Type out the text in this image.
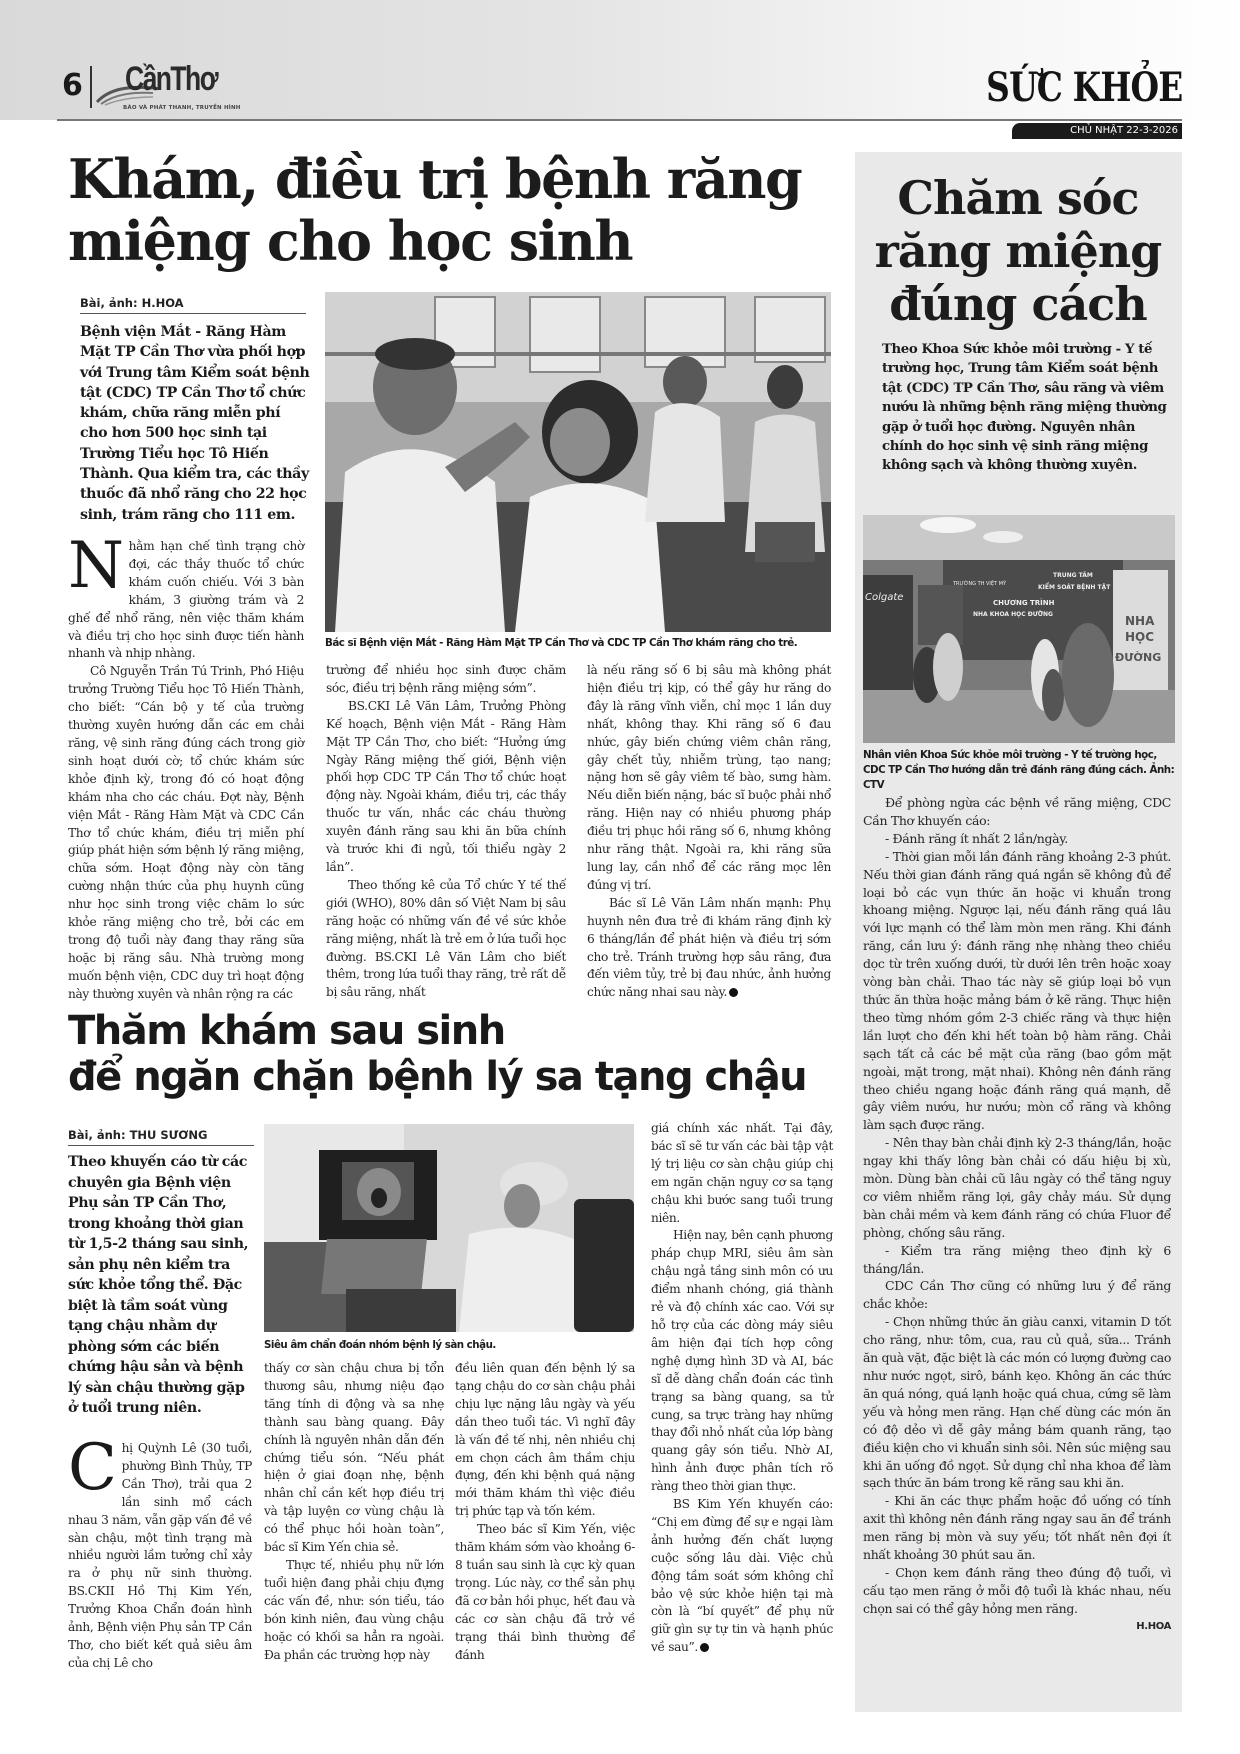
6 CầnThơ
BÁO VÀ PHÁT THANH, TRUYỀN HÌNH	SỨC KHỎE
CHỦ NHẬT 22-3-2026
Khám, điều trị bệnh răng miệng cho học sinh
Bài, ảnh: H.HOA
Bệnh viện Mắt - Răng Hàm Mặt TP Cần Thơ vừa phối hợp với Trung tâm Kiểm soát bệnh tật (CDC) TP Cần Thơ tổ chức khám, chữa răng miễn phí cho hơn 500 học sinh tại Trường Tiểu học Tô Hiến Thành. Qua kiểm tra, các thầy thuốc đã nhổ răng cho 22 học sinh, trám răng cho 111 em.
Bác sĩ Bệnh viện Mắt - Răng Hàm Mặt TP Cần Thơ và CDC TP Cần Thơ khám răng cho trẻ.

Nhằm hạn chế tình trạng chờ đợi, các thầy thuốc tổ chức khám cuốn chiếu. Với 3 bàn khám, 3 giường trám và 2 ghế để nhổ răng, nên việc thăm khám và điều trị cho học sinh được tiến hành nhanh và nhịp nhàng.

Cô Nguyễn Trần Tú Trinh, Phó Hiệu trưởng Trường Tiểu học Tô Hiến Thành, cho biết: “Cán bộ y tế của trường thường xuyên hướng dẫn các em chải răng, vệ sinh răng đúng cách trong giờ sinh hoạt dưới cờ; tổ chức khám sức khỏe định kỳ, trong đó có hoạt động khám nha cho các cháu. Đợt này, Bệnh viện Mắt - Răng Hàm Mặt và CDC Cần Thơ tổ chức khám, điều trị miễn phí giúp phát hiện sớm bệnh lý răng miệng, chữa sớm. Hoạt động này còn tăng cường nhận thức của phụ huynh cũng như học sinh trong việc chăm lo sức khỏe răng miệng cho trẻ, bởi các em trong độ tuổi này đang thay răng sữa hoặc bị răng sâu. Nhà trường mong muốn bệnh viện, CDC duy trì hoạt động này thường xuyên và nhân rộng ra các

trường để nhiều học sinh được chăm sóc, điều trị bệnh răng miệng sớm”.

BS.CKI Lê Văn Lâm, Trưởng Phòng Kế hoạch, Bệnh viện Mắt - Răng Hàm Mặt TP Cần Thơ, cho biết: “Hưởng ứng Ngày Răng miệng thế giới, Bệnh viện phối hợp CDC TP Cần Thơ tổ chức hoạt động này. Ngoài khám, điều trị, các thầy thuốc tư vấn, nhắc các cháu thường xuyên đánh răng sau khi ăn bữa chính và trước khi đi ngủ, tối thiểu ngày 2 lần”.

Theo thống kê của Tổ chức Y tế thế giới (WHO), 80% dân số Việt Nam bị sâu răng hoặc có những vấn đề về sức khỏe răng miệng, nhất là trẻ em ở lứa tuổi học đường. BS.CKI Lê Văn Lâm cho biết thêm, trong lứa tuổi thay răng, trẻ rất dễ bị sâu răng, nhất

là nếu răng số 6 bị sâu mà không phát hiện điều trị kịp, có thể gây hư răng do đây là răng vĩnh viễn, chỉ mọc 1 lần duy nhất, không thay. Khi răng số 6 đau nhức, gây biến chứng viêm chân răng, gây chết tủy, nhiễm trùng, tạo nang; nặng hơn sẽ gây viêm tế bào, sưng hàm. Nếu diễn biến nặng, bác sĩ buộc phải nhổ răng. Hiện nay có nhiều phương pháp điều trị phục hồi răng số 6, nhưng không như răng thật. Ngoài ra, khi răng sữa lung lay, cần nhổ để các răng mọc lên đúng vị trí.

Bác sĩ Lê Văn Lâm nhấn mạnh: Phụ huynh nên đưa trẻ đi khám răng định kỳ 6 tháng/lần để phát hiện và điều trị sớm cho trẻ. Tránh trường hợp sâu răng, đưa đến viêm tủy, trẻ bị đau nhức, ảnh hưởng chức năng nhai sau này.

Chăm sóc răng miệng đúng cách
Theo Khoa Sức khỏe môi trường - Y tế trường học, Trung tâm Kiểm soát bệnh tật (CDC) TP Cần Thơ, sâu răng và viêm nướu là những bệnh răng miệng thường gặp ở tuổi học đường. Nguyên nhân chính do học sinh vệ sinh răng miệng không sạch và không thường xuyên.
Colgate
TRƯỜNG TH VIỆT MỸ
TRUNG TÂM
KIỂM SOÁT BỆNH TẬT
CHƯƠNG TRÌNH
NHA KHOA HỌC ĐƯỜNG	NHA
HỌC
ĐƯỜNG
Nhân viên Khoa Sức khỏe môi trường - Y tế trường học, CDC TP Cần Thơ hướng dẫn trẻ đánh răng đúng cách. Ảnh: CTV

Để phòng ngừa các bệnh về răng miệng, CDC Cần Thơ khuyến cáo:

- Đánh răng ít nhất 2 lần/ngày.

- Thời gian mỗi lần đánh răng khoảng 2-3 phút. Nếu thời gian đánh răng quá ngắn sẽ không đủ để loại bỏ các vụn thức ăn hoặc vi khuẩn trong khoang miệng. Ngược lại, nếu đánh răng quá lâu với lực mạnh có thể làm mòn men răng. Khi đánh răng, cần lưu ý: đánh răng nhẹ nhàng theo chiều dọc từ trên xuống dưới, từ dưới lên trên hoặc xoay vòng bàn chải. Thao tác này sẽ giúp loại bỏ vụn thức ăn thừa hoặc mảng bám ở kẽ răng. Thực hiện theo từng nhóm gồm 2-3 chiếc răng và thực hiện lần lượt cho đến khi hết toàn bộ hàm răng. Chải sạch tất cả các bề mặt của răng (bao gồm mặt ngoài, mặt trong, mặt nhai). Không nên đánh răng theo chiều ngang hoặc đánh răng quá mạnh, dễ gây viêm nướu, hư nướu; mòn cổ răng và không làm sạch được răng.

- Nên thay bàn chải định kỳ 2-3 tháng/lần, hoặc ngay khi thấy lông bàn chải có dấu hiệu bị xù, mòn. Dùng bàn chải cũ lâu ngày có thể tăng nguy cơ viêm nhiễm răng lợi, gây chảy máu. Sử dụng bàn chải mềm và kem đánh răng có chứa Fluor để phòng, chống sâu răng.

- Kiểm tra răng miệng theo định kỳ 6 tháng/lần.

CDC Cần Thơ cũng có những lưu ý để răng chắc khỏe:

- Chọn những thức ăn giàu canxi, vitamin D tốt cho răng, như: tôm, cua, rau củ quả, sữa... Tránh ăn quà vặt, đặc biệt là các món có lượng đường cao như nước ngọt, sirô, bánh kẹo. Không ăn các thức ăn quá nóng, quá lạnh hoặc quá chua, cứng sẽ làm yếu và hỏng men răng. Hạn chế dùng các món ăn có độ dẻo vì dễ gây mảng bám quanh răng, tạo điều kiện cho vi khuẩn sinh sôi. Nên súc miệng sau khi ăn uống đồ ngọt. Sử dụng chỉ nha khoa để làm sạch thức ăn bám trong kẽ răng sau khi ăn.

- Khi ăn các thực phẩm hoặc đồ uống có tính axit thì không nên đánh răng ngay sau ăn để tránh men răng bị mòn và suy yếu; tốt nhất nên đợi ít nhất khoảng 30 phút sau ăn.

- Chọn kem đánh răng theo đúng độ tuổi, vì cấu tạo men răng ở mỗi độ tuổi là khác nhau, nếu chọn sai có thể gây hỏng men răng.

H.HOA
Thăm khám sau sinh
để ngăn chặn bệnh lý sa tạng chậu
Bài, ảnh: THU SƯƠNG
Theo khuyến cáo từ các chuyên gia Bệnh viện Phụ sản TP Cần Thơ, trong khoảng thời gian từ 1,5-2 tháng sau sinh, sản phụ nên kiểm tra sức khỏe tổng thể. Đặc biệt là tầm soát vùng tạng chậu nhằm dự phòng sớm các biến chứng hậu sản và bệnh lý sàn chậu thường gặp ở tuổi trung niên.
Siêu âm chẩn đoán nhóm bệnh lý sàn chậu.

Chị Quỳnh Lê (30 tuổi, phường Bình Thủy, TP Cần Thơ), trải qua 2 lần sinh mổ cách nhau 3 năm, vẫn gặp vấn đề về sàn chậu, một tình trạng mà nhiều người lầm tưởng chỉ xảy ra ở phụ nữ sinh thường. BS.CKII Hồ Thị Kim Yến, Trưởng Khoa Chẩn đoán hình ảnh, Bệnh viện Phụ sản TP Cần Thơ, cho biết kết quả siêu âm của chị Lê cho

thấy cơ sàn chậu chưa bị tổn thương sâu, nhưng niệu đạo tăng tính di động và sa nhẹ thành sau bàng quang. Đây chính là nguyên nhân dẫn đến chứng tiểu són. “Nếu phát hiện ở giai đoạn nhẹ, bệnh nhân chỉ cần kết hợp điều trị và tập luyện cơ vùng chậu là có thể phục hồi hoàn toàn”, bác sĩ Kim Yến chia sẻ.

Thực tế, nhiều phụ nữ lớn tuổi hiện đang phải chịu đựng các vấn đề, như: són tiểu, táo bón kinh niên, đau vùng chậu hoặc có khối sa hẳn ra ngoài. Đa phần các trường hợp này

đều liên quan đến bệnh lý sa tạng chậu do cơ sàn chậu phải chịu lực nặng lâu ngày và yếu dần theo tuổi tác. Vì nghĩ đây là vấn đề tế nhị, nên nhiều chị em chọn cách âm thầm chịu đựng, đến khi bệnh quá nặng mới thăm khám thì việc điều trị phức tạp và tốn kém.

Theo bác sĩ Kim Yến, việc thăm khám sớm vào khoảng 6-8 tuần sau sinh là cực kỳ quan trọng. Lúc này, cơ thể sản phụ đã cơ bản hồi phục, hết đau và các cơ sàn chậu đã trở về trạng thái bình thường để đánh

giá chính xác nhất. Tại đây, bác sĩ sẽ tư vấn các bài tập vật lý trị liệu cơ sàn chậu giúp chị em ngăn chặn nguy cơ sa tạng chậu khi bước sang tuổi trung niên.

Hiện nay, bên cạnh phương pháp chụp MRI, siêu âm sàn chậu ngả tầng sinh môn có ưu điểm nhanh chóng, giá thành rẻ và độ chính xác cao. Với sự hỗ trợ của các dòng máy siêu âm hiện đại tích hợp công nghệ dựng hình 3D và AI, bác sĩ dễ dàng chẩn đoán các tình trạng sa bàng quang, sa tử cung, sa trực tràng hay những thay đổi nhỏ nhất của lớp bàng quang gây són tiểu. Nhờ AI, hình ảnh được phân tích rõ ràng theo thời gian thực.

BS Kim Yến khuyến cáo: “Chị em đừng để sự e ngại làm ảnh hưởng đến chất lượng cuộc sống lâu dài. Việc chủ động tầm soát sớm không chỉ bảo vệ sức khỏe hiện tại mà còn là “bí quyết” để phụ nữ giữ gìn sự tự tin và hạnh phúc về sau”.
